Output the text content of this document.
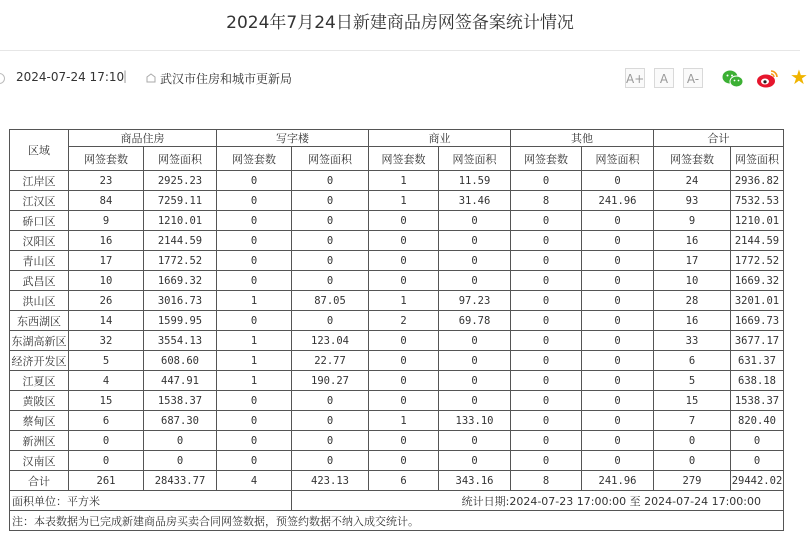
2024年7月24日新建商品房网签备案统计情况
2024-07-24 17:10
|	武汉市住房和城市更新局	A+	A	A-	★
区域	商品住房		写字楼		商业		其他		合计	
	网签套数	网签面积	网签套数	网签面积	网签套数	网签面积	网签套数	网签面积	网签套数	网签面积
江岸区	23	2925.23	0	0	1	11.59	0	0	24	2936.82
江汉区	84	7259.11	0	0	1	31.46	8	241.96	93	7532.53
硚口区	9	1210.01	0	0	0	0	0	0	9	1210.01
汉阳区	16	2144.59	0	0	0	0	0	0	16	2144.59
青山区	17	1772.52	0	0	0	0	0	0	17	1772.52
武昌区	10	1669.32	0	0	0	0	0	0	10	1669.32
洪山区	26	3016.73	1	87.05	1	97.23	0	0	28	3201.01
东西湖区	14	1599.95	0	0	2	69.78	0	0	16	1669.73
东湖高新区	32	3554.13	1	123.04	0	0	0	0	33	3677.17
经济开发区	5	608.60	1	22.77	0	0	0	0	6	631.37
江夏区	4	447.91	1	190.27	0	0	0	0	5	638.18
黄陂区	15	1538.37	0	0	0	0	0	0	15	1538.37
蔡甸区	6	687.30	0	0	1	133.10	0	0	7	820.40
新洲区	0	0	0	0	0	0	0	0	0	0
汉南区	0	0	0	0	0	0	0	0	0	0
合计	261	28433.77	4	423.13	6	343.16	8	241.96	279	29442.02
面积单位：平方米				统计日期:2024-07-23 17:00:00 至 2024-07-24 17:00:00						
注：本表数据为已完成新建商品房买卖合同网签数据，预签约数据不纳入成交统计。										
